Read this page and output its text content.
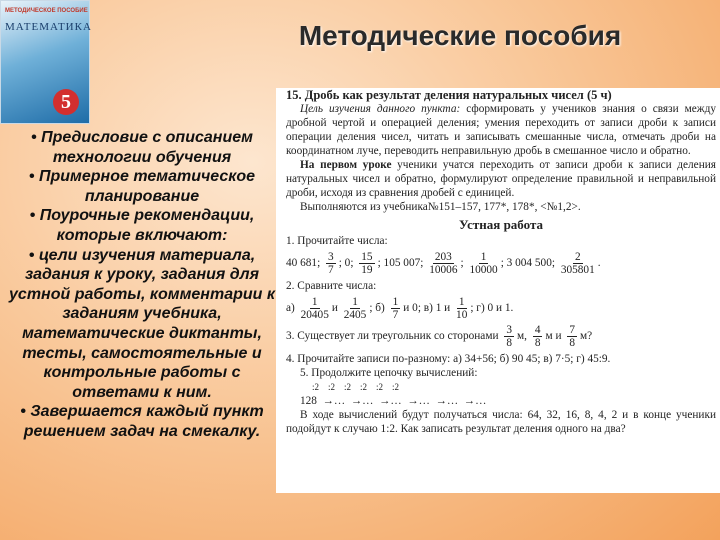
МЕТОДИЧЕСКОЕ ПОСОБИЕ
МАТЕМАТИКА
5
Методические пособия
• Предисловие с описанием технологии обучения
• Примерное тематическое планирование
• Поурочные рекомендации, которые включают:
• цели изучения материала, задания к уроку, задания для устной работы, комментарии к заданиям учебника, математические диктанты, тесты, самостоятельные и контрольные работы с ответами к ним.
• Завершается каждый пункт решением задач на смекалку.

15. Дробь как результат деления натуральных чисел (5 ч)

Цель изучения данного пункта: сформировать у учеников знания о связи между дробной чертой и операцией деления; умения переходить от записи дроби к записи операции деления чисел, читать и записывать смешанные числа, отмечать дроби на координатном луче, переводить неправильную дробь в смешанное число и обратно.

На первом уроке ученики учатся переходить от записи дроби к записи деления натуральных чисел и обратно, формулируют определение правильной и неправильной дроби, исходя из сравнения дробей с единицей.

Выполняются из учебника№151–157, 177*, 178*, <№1,2>.

Устная работа

1. Прочитайте числа:

40 681; $\frac{3}{7}$ ; 0; $\frac{15}{19}$ ; 105 007; $\frac{203}{10006}$ ; $\frac{1}{10000}$ ; 3 004 500; $\frac{2}{305801}$ .

2. Сравните числа:

$а) \frac{1}{20405}$ и $\frac{1}{2405}$ ; $б) \frac{1}{7}$ и 0; в) 1 и $\frac{1}{10}$ ; г) 0 и 1.

3. Существует ли треугольник со сторонами $\frac{3}{8} м$, $\frac{4}{8}$ м и $\frac{7}{8} м$?

4. Прочитайте записи по-разному: а) 34+56; б) 90 45; в) 7·5; г) 45:9.

5. Продолжите цепочку вычислений:

:2    :2    :2    :2    :2    :2

128  →…  →…  →…  →…  →…  →…

В ходе вычислений будут получаться числа: 64, 32, 16, 8, 4, 2 и в конце ученики подойдут к случаю 1:2. Как записать результат деления одного на два?
